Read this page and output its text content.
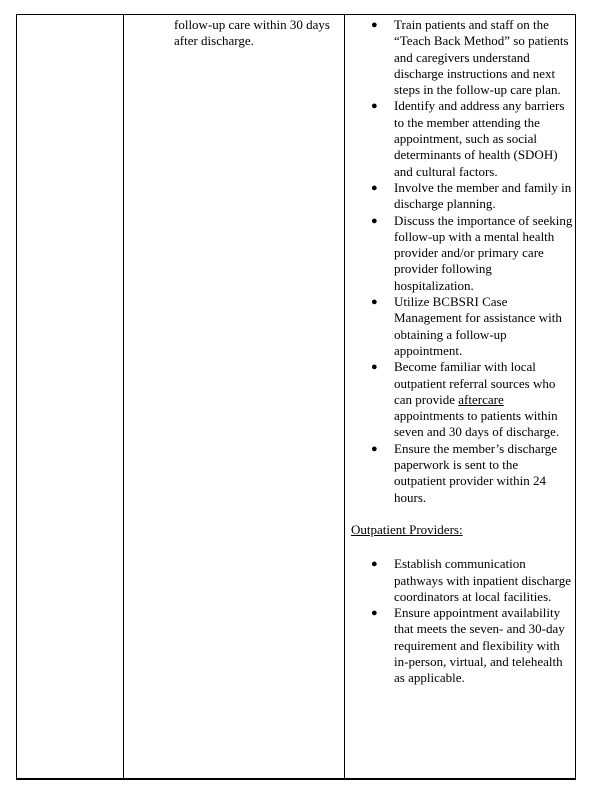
follow-up care within 30 days after discharge.
● Train patients and staff on the “Teach Back Method” so patients and caregivers understand discharge instructions and next steps in the follow-up care plan.
● Identify and address any barriers to the member attending the appointment, such as social determinants of health (SDOH) and cultural factors.
● Involve the member and family in discharge planning.
● Discuss the importance of seeking follow-up with a mental health provider and/or primary care provider following hospitalization.
● Utilize BCBSRI Case Management for assistance with obtaining a follow-up appointment.
● Become familiar with local outpatient referral sources who can provide aftercare appointments to patients within seven and 30 days of discharge.
● Ensure the member’s discharge paperwork is sent to the outpatient provider within 24 hours.
Outpatient Providers:
● Establish communication pathways with inpatient discharge coordinators at local facilities.
● Ensure appointment availability that meets the seven- and 30-day requirement and flexibility with in-person, virtual, and telehealth as applicable.
